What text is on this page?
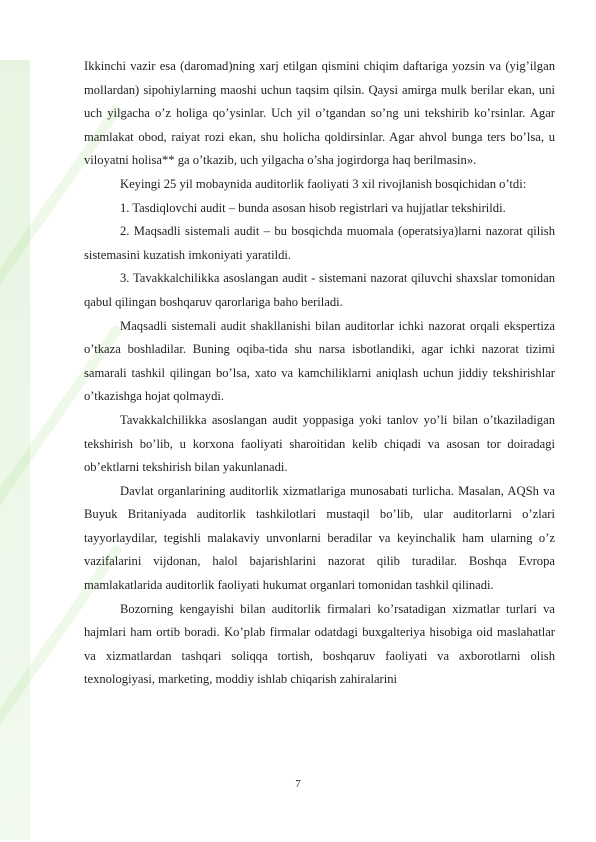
Ikkinchi vazir esa (daromad)ning xarj etilgan qismini chiqim daftariga yozsin va (yig’ilgan mollardan) sipohiylarning maoshi uchun taqsim qilsin. Qaysi amirga mulk berilar ekan, uni uch yilgacha o’z holiga qo’ysinlar. Uch yil o’tgandan so’ng uni tekshirib ko’rsinlar. Agar mamlakat obod, raiyat rozi ekan, shu holicha qoldirsinlar. Agar ahvol bunga ters bo’lsa, u viloyatni holisa** ga o’tkazib, uch yilgacha o’sha jogirdorga haq berilmasin».

Keyingi 25 yil mobaynida auditorlik faoliyati 3 xil rivojlanish bosqichidan o’tdi:

1. Tasdiqlovchi audit – bunda asosan hisob registrlari va hujjatlar tekshirildi.

2. Maqsadli sistemali audit – bu bosqichda muomala (operatsiya)larni nazorat qilish sistemasini kuzatish imkoniyati yaratildi.

3. Tavakkalchilikka asoslangan audit - sistemani nazorat qiluvchi shaxslar tomonidan qabul qilingan boshqaruv qarorlariga baho beriladi.

Maqsadli sistemali audit shakllanishi bilan auditorlar ichki nazorat orqali ekspertiza o’tkaza boshladilar. Buning oqiba-tida shu narsa isbotlandiki, agar ichki nazorat tizimi samarali tashkil qilingan bo’lsa, xato va kamchiliklarni aniqlash uchun jiddiy tekshirishlar o’tkazishga hojat qolmaydi.

Tavakkalchilikka asoslangan audit yoppasiga yoki tanlov yo’li bilan o’tkaziladigan tekshirish bo’lib, u korxona faoliyati sharoitidan kelib chiqadi va asosan tor doiradagi ob’ektlarni tekshirish bilan yakunlanadi.

Davlat organlarining auditorlik xizmatlariga munosabati turlicha. Masalan, AQSh va Buyuk Britaniyada auditorlik tashkilotlari mustaqil bo’lib, ular auditorlarni o’zlari tayyorlaydilar, tegishli malakaviy unvonlarni beradilar va keyinchalik ham ularning o’z vazifalarini vijdonan, halol bajarishlarini nazorat qilib turadilar. Boshqa Evropa mamlakatlarida auditorlik faoliyati hukumat organlari tomonidan tashkil qilinadi.

Bozorning kengayishi bilan auditorlik firmalari ko’rsatadigan xizmatlar turlari va hajmlari ham ortib boradi. Ko’plab firmalar odatdagi buxgalteriya hisobiga oid maslahatlar va xizmatlardan tashqari soliqqa tortish, boshqaruv faoliyati va axborotlarni olish texnologiyasi, marketing, moddiy ishlab chiqarish zahiralarini

7
